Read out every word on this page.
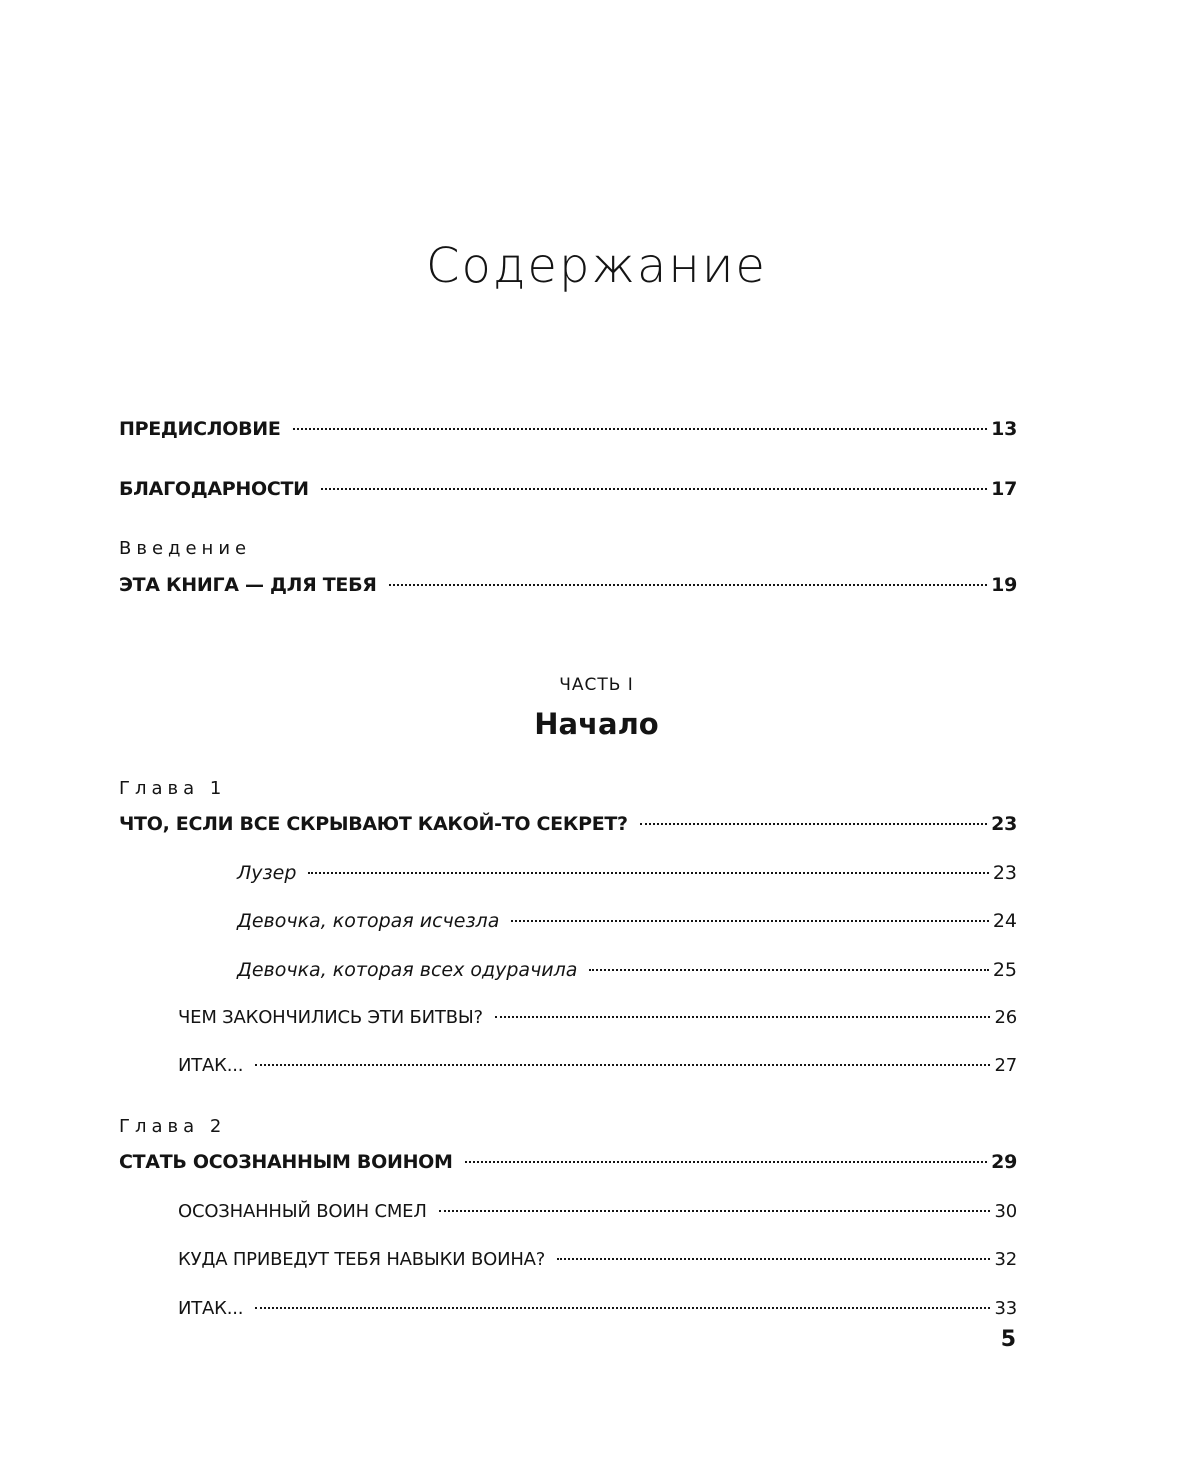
Содержание
ПРЕДИСЛОВИЕ	13
БЛАГОДАРНОСТИ	17
Введение
ЭТА КНИГА — ДЛЯ ТЕБЯ	19
ЧАСТЬ I
Начало
Глава 1
ЧТО, ЕСЛИ ВСЕ СКРЫВАЮТ КАКОЙ-ТО СЕКРЕТ?	23
Лузер	23
Девочка, которая исчезла	24
Девочка, которая всех одурачила	25
ЧЕМ ЗАКОНЧИЛИСЬ ЭТИ БИТВЫ?	26
ИТАК...	27
Глава 2
СТАТЬ ОСОЗНАННЫМ ВОИНОМ	29
ОСОЗНАННЫЙ ВОИН СМЕЛ	30
КУДА ПРИВЕДУТ ТЕБЯ НАВЫКИ ВОИНА?	32
ИТАК...	33
5
